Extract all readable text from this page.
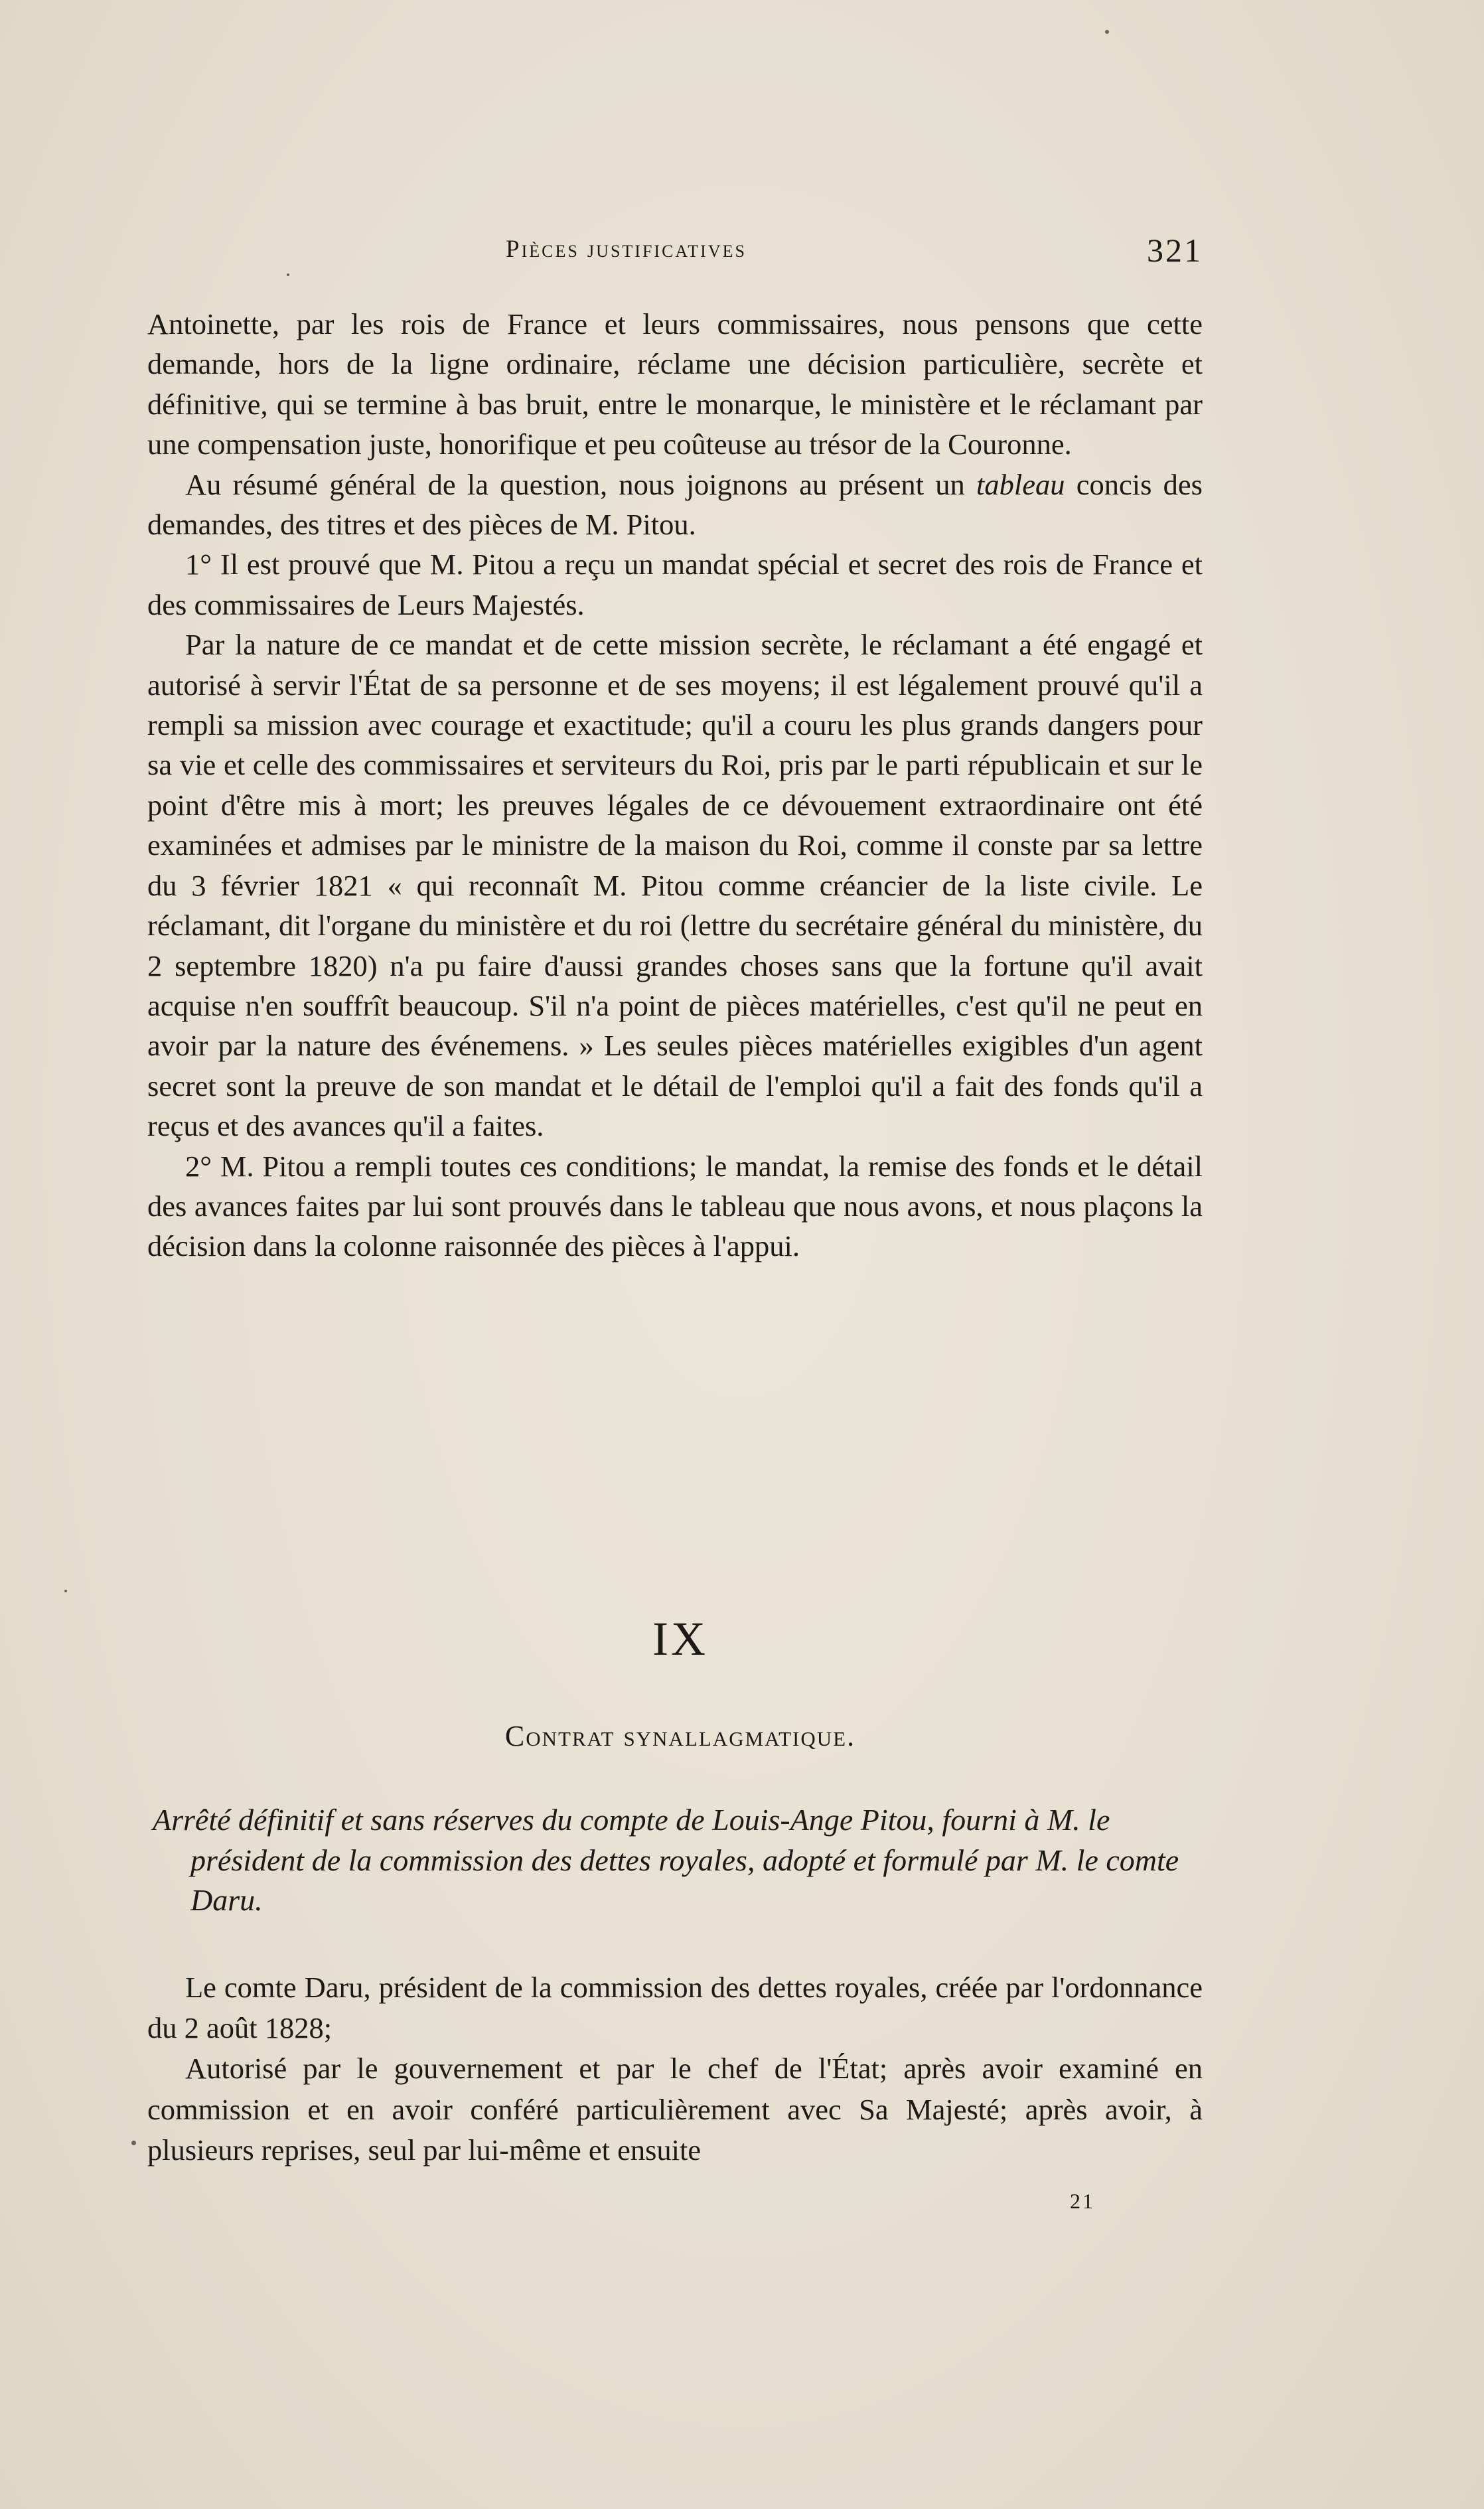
Pièces justificatives	321

Antoinette, par les rois de France et leurs commissaires, nous pensons que cette demande, hors de la ligne ordinaire, réclame une décision particulière, secrète et définitive, qui se termine à bas bruit, entre le monarque, le ministère et le réclamant par une compensation juste, honorifique et peu coûteuse au trésor de la Couronne.

Au résumé général de la question, nous joignons au présent un tableau concis des demandes, des titres et des pièces de M. Pitou.

1° Il est prouvé que M. Pitou a reçu un mandat spécial et secret des rois de France et des commissaires de Leurs Majestés.

Par la nature de ce mandat et de cette mission secrète, le réclamant a été engagé et autorisé à servir l'État de sa personne et de ses moyens; il est légalement prouvé qu'il a rempli sa mission avec courage et exactitude; qu'il a couru les plus grands dangers pour sa vie et celle des commissaires et serviteurs du Roi, pris par le parti républicain et sur le point d'être mis à mort; les preuves légales de ce dévouement extraordinaire ont été examinées et admises par le ministre de la maison du Roi, comme il conste par sa lettre du 3 février 1821 « qui reconnaît M. Pitou comme créancier de la liste civile. Le réclamant, dit l'organe du ministère et du roi (lettre du secrétaire général du ministère, du 2 septembre 1820) n'a pu faire d'aussi grandes choses sans que la fortune qu'il avait acquise n'en souffrît beaucoup. S'il n'a point de pièces matérielles, c'est qu'il ne peut en avoir par la nature des événemens. » Les seules pièces matérielles exigibles d'un agent secret sont la preuve de son mandat et le détail de l'emploi qu'il a fait des fonds qu'il a reçus et des avances qu'il a faites.

2° M. Pitou a rempli toutes ces conditions; le mandat, la remise des fonds et le détail des avances faites par lui sont prouvés dans le tableau que nous avons, et nous plaçons la décision dans la colonne raisonnée des pièces à l'appui.

IX
Contrat synallagmatique.

Arrêté définitif et sans réserves du compte de Louis-Ange Pitou, fourni à M. le président de la commission des dettes royales, adopté et formulé par M. le comte Daru.

Le comte Daru, président de la commission des dettes royales, créée par l'ordonnance du 2 août 1828;

Autorisé par le gouvernement et par le chef de l'État; après avoir examiné en commission et en avoir conféré particulièrement avec Sa Majesté; après avoir, à plusieurs reprises, seul par lui-même et ensuite

21
